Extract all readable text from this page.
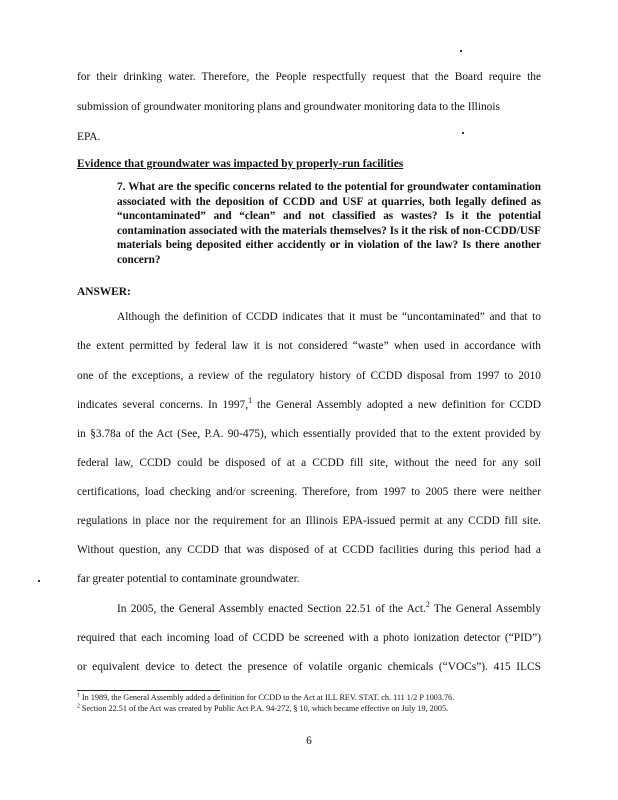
for their drinking water. Therefore, the People respectfully request that the Board require the
submission of groundwater monitoring plans and groundwater monitoring data to the Illinois
EPA.
Evidence that groundwater was impacted by properly-run facilities
7. What are the specific concerns related to the potential for groundwater contamination associated with the deposition of CCDD and USF at quarries, both legally defined as “uncontaminated” and “clean” and not classified as wastes? Is it the potential contamination associated with the materials themselves? Is it the risk of non-CCDD/USF materials being deposited either accidently or in violation of the law? Is there another concern?
ANSWER:
Although the definition of CCDD indicates that it must be “uncontaminated” and that to
the extent permitted by federal law it is not considered “waste” when used in accordance with
one of the exceptions, a review of the regulatory history of CCDD disposal from 1997 to 2010
indicates several concerns. In 1997,$^1$ the General Assembly adopted a new definition for CCDD
in §3.78a of the Act (See, P.A. 90-475), which essentially provided that to the extent provided by
federal law, CCDD could be disposed of at a CCDD fill site, without the need for any soil
certifications, load checking and/or screening. Therefore, from 1997 to 2005 there were neither
regulations in place nor the requirement for an Illinois EPA-issued permit at any CCDD fill site.
Without question, any CCDD that was disposed of at CCDD facilities during this period had a
far greater potential to contaminate groundwater.
In 2005, the General Assembly enacted Section 22.51 of the Act.$^2$ The General Assembly
required that each incoming load of CCDD be screened with a photo ionization detector (“PID”)
or equivalent device to detect the presence of volatile organic chemicals (“VOCs”). 415 ILCS
$^1$ In 1989, the General Assembly added a definition for CCDD to the Act at ILL REV. STAT. ch. 111 1/2 P 1003.76.
$^2$ Section 22.51 of the Act was created by Public Act P.A. 94-272, § 10, which became effective on July 19, 2005.
6
